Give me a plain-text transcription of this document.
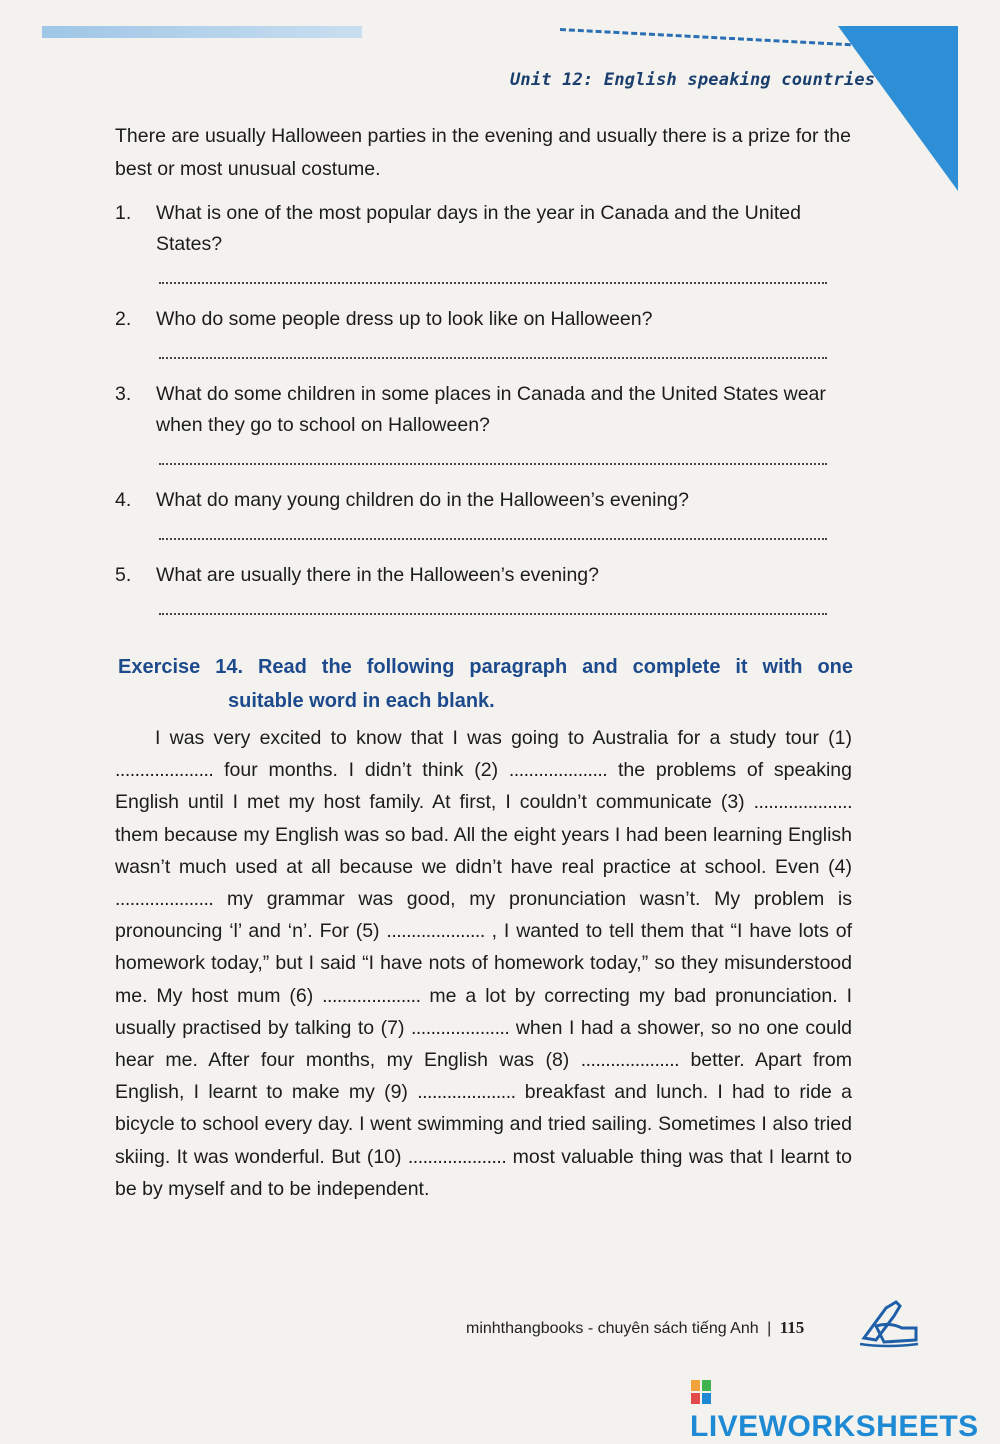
Unit 12: English speaking countries

There are usually Halloween parties in the evening and usually there is a prize for the best or most unusual costume.

1. What is one of the most popular days in the year in Canada and the United States?
2. Who do some people dress up to look like on Halloween?
3. What do some children in some places in Canada and the United States wear when they go to school on Halloween?
4. What do many young children do in the Halloween’s evening?
5. What are usually there in the Halloween’s evening?
Exercise 14. Read the following paragraph and complete it with one
suitable word in each blank.

I was very excited to know that I was going to Australia for a study tour (1) .................... four months. I didn’t think (2) .................... the problems of speaking English until I met my host family. At first, I couldn’t communicate (3) .................... them because my English was so bad. All the eight years I had been learning English wasn’t much used at all because we didn’t have real practice at school. Even (4) .................... my grammar was good, my pronunciation wasn’t. My problem is pronouncing ‘l’ and ‘n’. For (5) .................... , I wanted to tell them that “I have lots of homework today,” but I said “I have nots of homework today,” so they misunderstood me. My host mum (6) .................... me a lot by correcting my bad pronunciation. I usually practised by talking to (7) .................... when I had a shower, so no one could hear me. After four months, my English was (8) .................... better. Apart from English, I learnt to make my (9) .................... breakfast and lunch. I had to ride a bicycle to school every day. I went swimming and tried sailing. Sometimes I also tried skiing. It was wonderful. But (10) .................... most valuable thing was that I learnt to be by myself and to be independent.

minhthangbooks - chuyên sách tiếng Anh | 115
LIVEWORKSHEETS
